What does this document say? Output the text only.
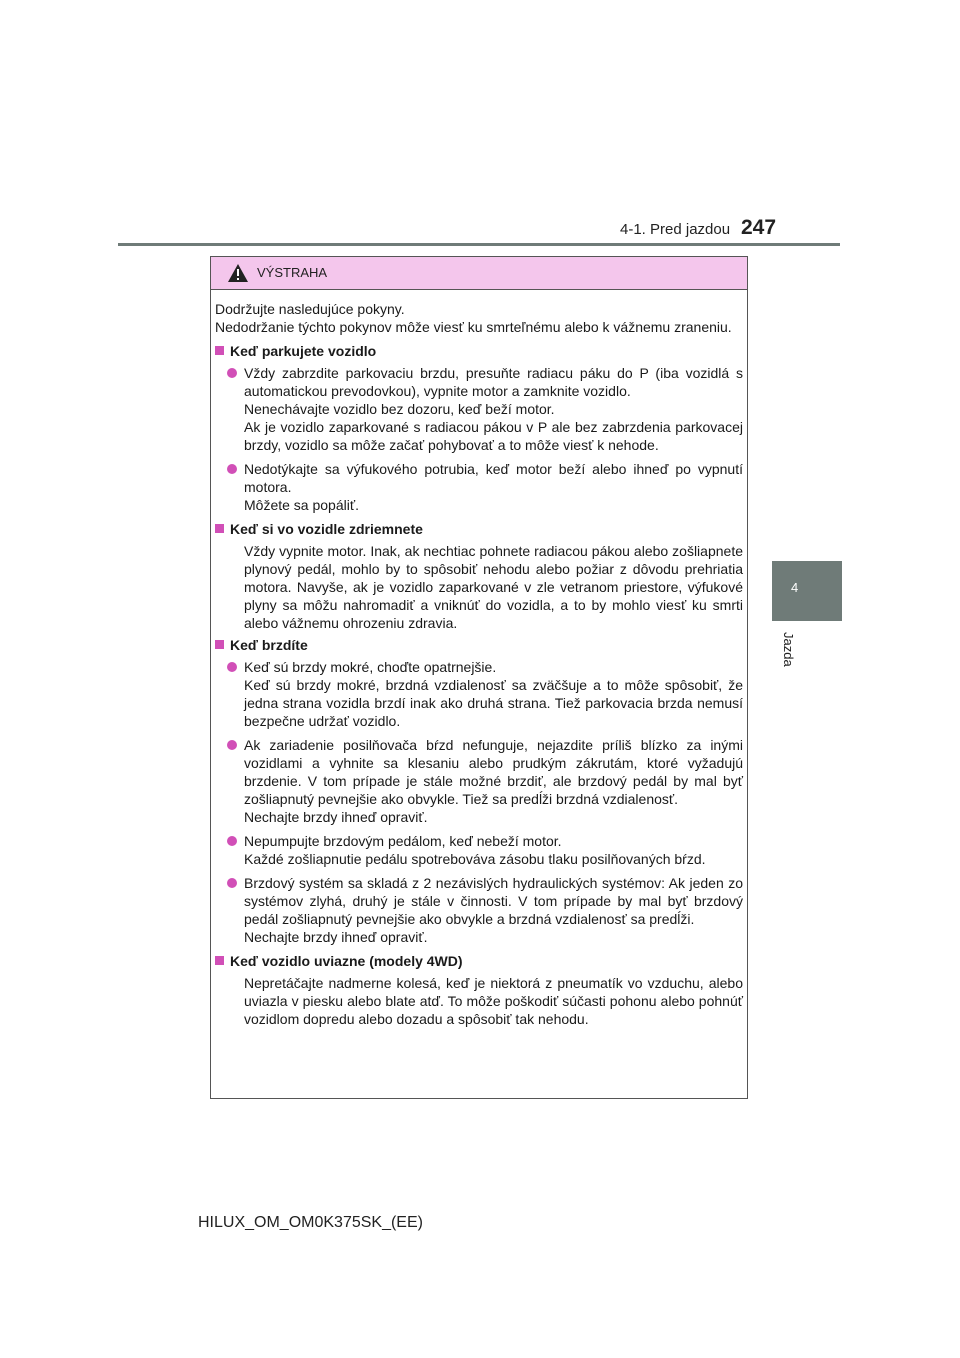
4-1. Pred jazdou 247
4
Jazda
VÝSTRAHA

Dodržujte nasledujúce pokyny.

Nedodržanie týchto pokynov môže viesť ku smrteľnému alebo k vážnemu zraneniu.

Keď parkujete vozidlo

Vždy zabrzdite parkovaciu brzdu, presuňte radiacu páku do P (iba vozidlá s automatickou prevodovkou), vypnite motor a zamknite vozidlo.

Nenechávajte vozidlo bez dozoru, keď beží motor.

Ak je vozidlo zaparkované s radiacou pákou v P ale bez zabrzdenia parkovacej brzdy, vozidlo sa môže začať pohybovať a to môže viesť k nehode.

Nedotýkajte sa výfukového potrubia, keď motor beží alebo ihneď po vypnutí motora.

Môžete sa popáliť.

Keď si vo vozidle zdriemnete

Vždy vypnite motor. Inak, ak nechtiac pohnete radiacou pákou alebo zošliapnete plynový pedál, mohlo by to spôsobiť nehodu alebo požiar z dôvodu prehriatia motora. Navyše, ak je vozidlo zaparkované v zle vetranom priestore, výfukové plyny sa môžu nahromadiť a vniknúť do vozidla, a to by mohlo viesť ku smrti alebo vážnemu ohrozeniu zdravia.

Keď brzdíte

Keď sú brzdy mokré, choďte opatrnejšie.

Keď sú brzdy mokré, brzdná vzdialenosť sa zväčšuje a to môže spôsobiť, že jedna strana vozidla brzdí inak ako druhá strana. Tiež parkovacia brzda nemusí bezpečne udržať vozidlo.

Ak zariadenie posilňovača bŕzd nefunguje, nejazdite príliš blízko za inými vozidlami a vyhnite sa klesaniu alebo prudkým zákrutám, ktoré vyžadujú brzdenie. V tom prípade je stále možné brzdiť, ale brzdový pedál by mal byť zošliapnutý pevnejšie ako obvykle. Tiež sa predĺži brzdná vzdialenosť.

Nechajte brzdy ihneď opraviť.

Nepumpujte brzdovým pedálom, keď nebeží motor.

Každé zošliapnutie pedálu spotrebováva zásobu tlaku posilňovaných bŕzd.

Brzdový systém sa skladá z 2 nezávislých hydraulických systémov: Ak jeden zo systémov zlyhá, druhý je stále v činnosti. V tom prípade by mal byť brzdový pedál zošliapnutý pevnejšie ako obvykle a brzdná vzdialenosť sa predĺži.

Nechajte brzdy ihneď opraviť.

Keď vozidlo uviazne (modely 4WD)

Nepretáčajte nadmerne kolesá, keď je niektorá z pneumatík vo vzduchu, alebo uviazla v piesku alebo blate atď. To môže poškodiť súčasti pohonu alebo pohnúť vozidlom dopredu alebo dozadu a spôsobiť tak nehodu.

HILUX_OM_OM0K375SK_(EE)
